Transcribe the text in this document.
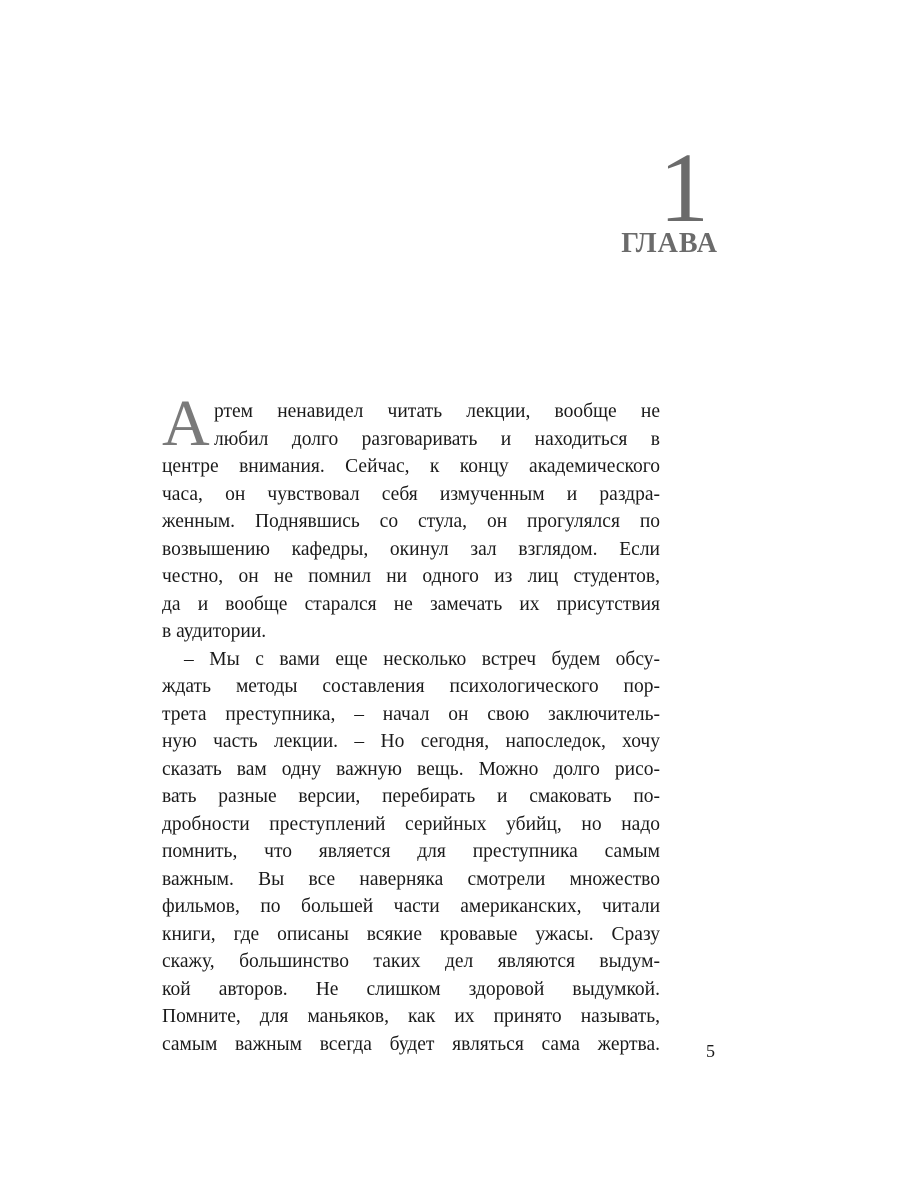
1
ГЛАВА
А ртем ненавидел читать лекции, вообще не
любил долго разговаривать и находиться в
центре внимания. Сейчас, к концу академического
часа, он чувствовал себя измученным и раздра-
женным. Поднявшись со стула, он прогулялся по
возвышению кафедры, окинул зал взглядом. Если
честно, он не помнил ни одного из лиц студентов,
да и вообще старался не замечать их присутствия
в аудитории.
– Мы с вами еще несколько встреч будем обсу-
ждать методы составления психологического пор-
трета преступника, – начал он свою заключитель-
ную часть лекции. – Но сегодня, напоследок, хочу
сказать вам одну важную вещь. Можно долго рисо-
вать разные версии, перебирать и смаковать по-
дробности преступлений серийных убийц, но надо
помнить, что является для преступника самым
важным. Вы все наверняка смотрели множество
фильмов, по большей части американских, читали
книги, где описаны всякие кровавые ужасы. Сразу
скажу, большинство таких дел являются выдум-
кой авторов. Не слишком здоровой выдумкой.
Помните, для маньяков, как их принято называть,
самым важным всегда будет являться сама жертва.	5
